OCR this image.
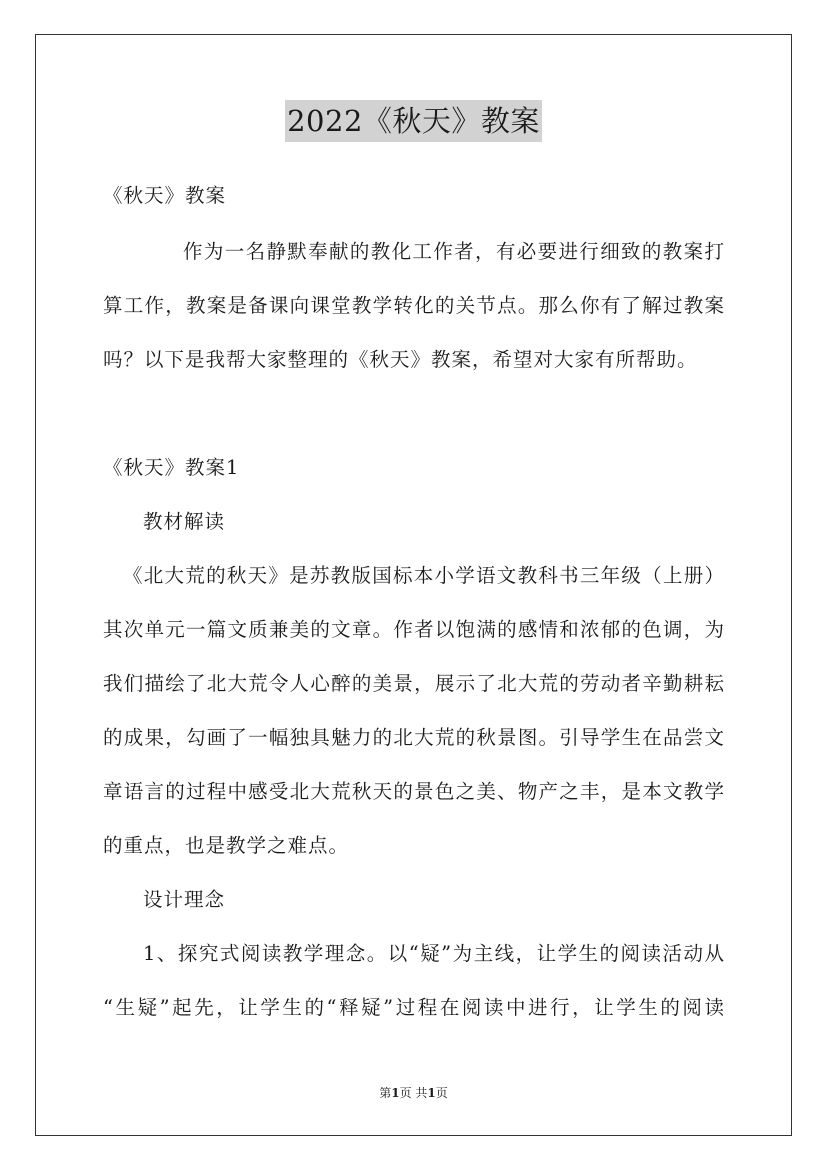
2022《秋天》教案
《秋天》教案
作为一名静默奉献的教化工作者，有必要进行细致的教案打
算工作，教案是备课向课堂教学转化的关节点。那么你有了解过教案
吗？以下是我帮大家整理的《秋天》教案，希望对大家有所帮助。
《秋天》教案1
教材解读
《北大荒的秋天》是苏教版国标本小学语文教科书三年级（上册）
其次单元一篇文质兼美的文章。作者以饱满的感情和浓郁的色调，为
我们描绘了北大荒令人心醉的美景，展示了北大荒的劳动者辛勤耕耘
的成果，勾画了一幅独具魅力的北大荒的秋景图。引导学生在品尝文
章语言的过程中感受北大荒秋天的景色之美、物产之丰，是本文教学
的重点，也是教学之难点。
设计理念
1、探究式阅读教学理念。以“疑”为主线，让学生的阅读活动从
“生疑”起先，让学生的“释疑”过程在阅读中进行，让学生的阅读
第1页 共1页
